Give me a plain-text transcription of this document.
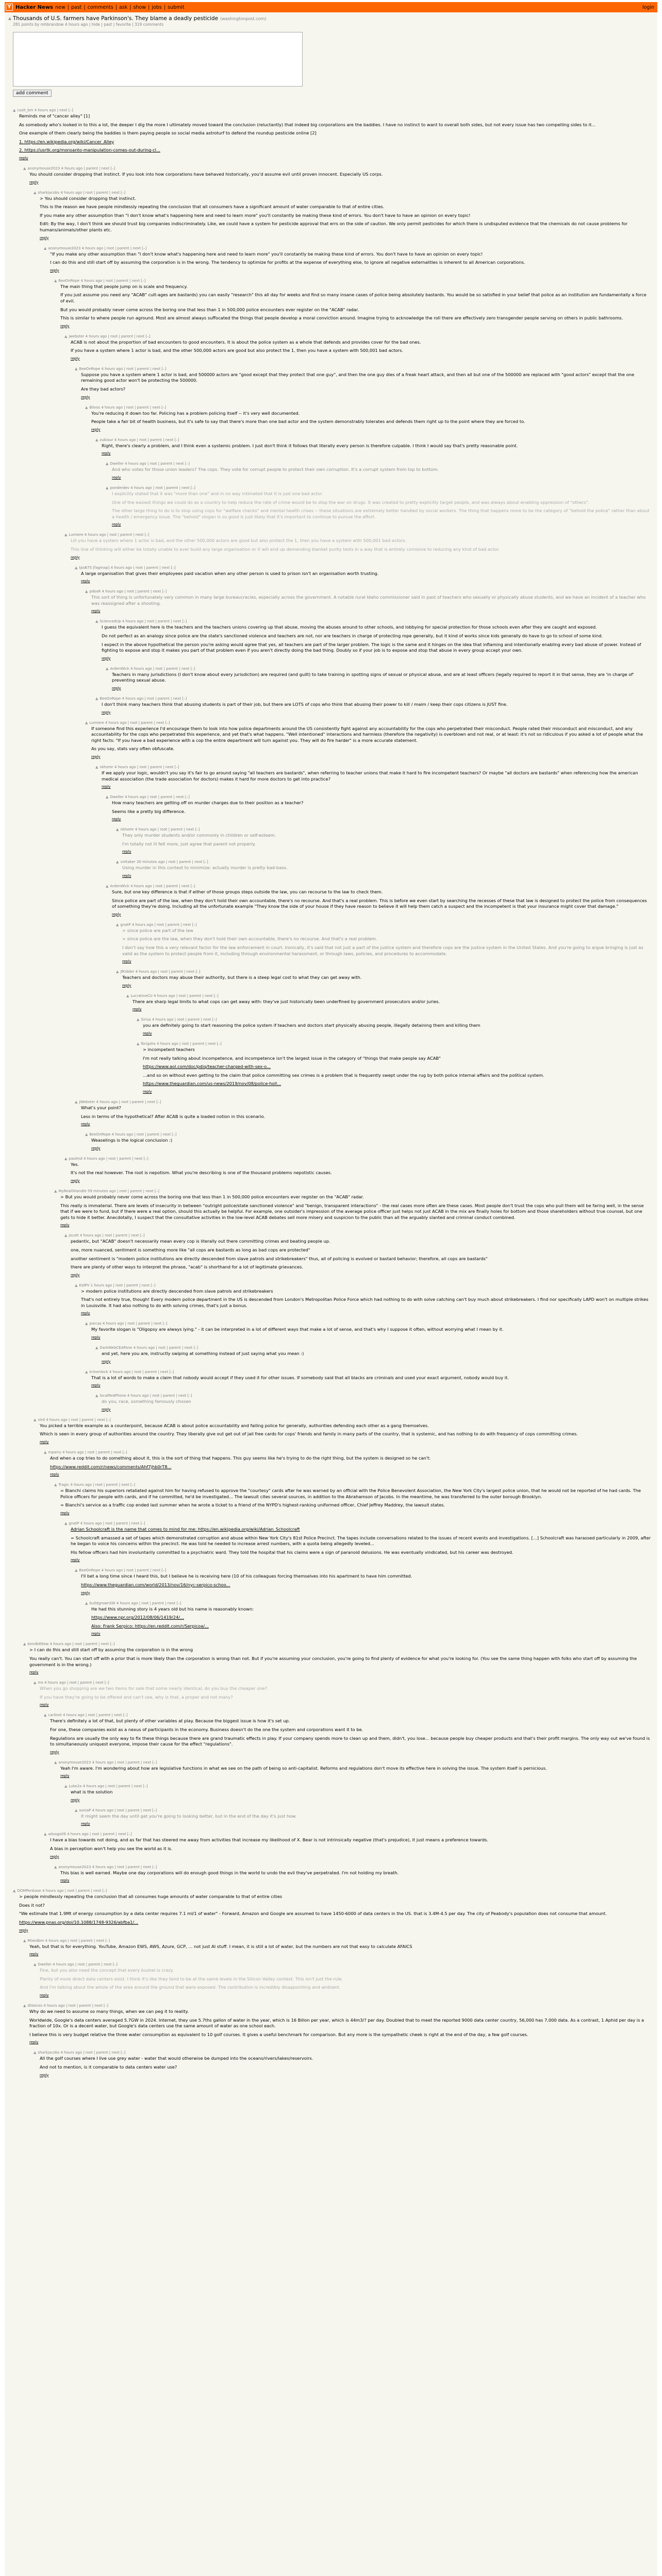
Y Hacker News new | past | comments | ask | show | jobs | submit	login
▲ Thousands of U.S. farmers have Parkinson's. They blame a deadly pesticide (washingtonpost.com)
281 points by mhbrandow 4 hours ago | hide | past | favorite | 319 comments
add comment
▲ cush_bm 4 hours ago | next [–]

Reminds me of "cancer alley" [1]

As somebody who's looked in to this a lot, the deeper I dig the more I ultimately moved toward the conclusion (reluctantly) that indeed big corporations are the baddies. I have no instinct to want to overall both sides, but not every issue has two compelling sides to it...

One example of them clearly being the baddies is them paying people so social media astroturf to defend the roundup pesticide online [2]

1. https://en.wikipedia.org/wiki/Cancer_Alley

2. https://usrtk.org/monsanto-manipulation-comes-out-during-cl...

reply
▲ anonymouse2023 4 hours ago | parent | next [–]

You should consider dropping that instinct. If you look into how corporations have behaved historically, you'd assume evil until proven innocent. Especially US corps.

reply
▲ sharkjacobs 4 hours ago | root | parent | next [–]

> You should consider dropping that instinct.

This is the reason we have people mindlessly repeating the conclusion that all consumers have a significant amount of water comparable to that of entire cities.

If you make any other assumption than "I don't know what's happening here and need to learn more" you'll constantly be making these kind of errors. You don't have to have an opinion on every topic!

Edit: By the way, I don't think we should trust big companies indiscriminately. Like, we could have a system for pesticide approval that errs on the side of caution. We only permit pesticides for which there is undisputed evidence that the chemicals do not cause problems for humans/animals/other plants etc.

reply
▲ anonymouse2023 4 hours ago | root | parent | next [–]

"If you make any other assumption than "I don't know what's happening here and need to learn more" you'll constantly be making these kind of errors. You don't have to have an opinion on every topic!

I can do this and still start off by assuming the corporation is in the wrong. The tendency to optimize for profits at the expense of everything else, to ignore all negative externalities is inherent to all American corporations.

reply
▲ BeeOnRope 4 hours ago | root | parent | next [–]

The main thing that people jump on is scale and frequency.

If you just assume you need any "ACAB" cult-ages are bastards) you can easily "research" this all day for weeks and find so many insane cases of police being absolutely bastards. You would be so satisfied in your belief that police as an institution are fundamentally a force of evil.

But you would probably never come across the boring one that less than 1 in 500,000 police encounters ever register on the "ACAB" radar.

This is similar to where people run aground. Most are almost always suffocated the things that people develop a moral conviction around. Imagine trying to acknowledge the roll there are effectively zero transgender people serving on others in public bathrooms.

reply
▲ jwebster 4 hours ago | root | parent | next [–]

ACAB is not about the proportion of bad encounters to good encounters. It is about the police system as a whole that defends and provides cover for the bad ones.

If you have a system where 1 actor is bad, and the other 500,000 actors are good but also protect the 1, then you have a system with 500,001 bad actors.

reply
▲ BeeOnRope 4 hours ago | root | parent | next [–]

Suppose you have a system where 1 actor is bad, and 500000 actors are "good except that they protect that one guy", and then the one guy dies of a freak heart attack, and then all but one of the 500000 are replaced with "good actors" except that the one remaining good actor won't be protecting the 500000.

Are they bad actors?

reply
▲ Bilvos 4 hours ago | root | parent | next [–]

You're reducing it down too far. Policing has a problem policing itself -- it's very well documented.

People take a fair bit of health business, but it's safe to say that there's more than one bad actor and the system demonstrably tolerates and defends them right up to the point where they are forced to.

reply
▲ zubiaur 4 hours ago | root | parent | next [–]

Right, there's clearly a problem, and I think even a systemic problem. I just don't think it follows that literally every person is therefore culpable. I think I would say that's pretty reasonable point.

reply
▲ Dweller 4 hours ago | root | parent | next [–]

And who votes for those union leaders? The cops. They vote for corrupt people to protect their own corruption. It's a corrupt system from top to bottom.

reply
▲ ponderdev 4 hours ago | root | parent | next [–]

I explicitly stated that it was "more than one" and in no way intimated that it is just one bad actor.

One of the easiest things we could do as a country to help reduce the rate of crime would be to stop the war on drugs. It was created to pretty explicitly target people, and was always about enabling oppression of "others".

The other large thing to do is to stop using cops for "welfare checks" and mental health crises -- these situations are extremely better handled by social workers. The thing that happens more to be the category of "behold the police" rather than about a health / emergency issue. The "behold" slogan is so good is just likely that it's important to continue to pursue the effort.

reply
▲ Lumiere 4 hours ago | root | parent | next [–]

Lill you have a system where 1 actor is bad, and the other 500,000 actors are good but also protect the 1, then you have a system with 500,001 bad actors.

This line of thinking will either be totally unable to ever build any large organisation or it will end up demanding blanket purity tests in a way that is entirely corrosive to reducing any kind of bad actor.

reply
▲ tpsB75 [fagmap] 4 hours ago | root | parent | next [–]

A large organisation that gives their employees paid vacation when any other person is used to prison isn't an organisation worth trusting.

reply
▲ pdoxR 4 hours ago | root | parent | next [–]

This sort of thing is unfortunately very common in many large bureaucracies, especially across the government. A notable rural Idaho commissioner said in past of teachers who sexually or physically abuse students, and we have an incident of a teacher who was reassigned after a shooting.

reply
▲ SciencedUp 4 hours ago | root | parent | next [–]

I guess the equivalent here is the teachers and the teachers unions covering up that abuse, moving the abuses around to other schools, and lobbying for special protection for those schools even after they are caught and exposed.

Do not perfect as an analogy since police are the state's sanctioned violence and teachers are not, nor are teachers in charge of protecting rope generally, but it kind of works since kids generally do have to go to school of some kind.

I expect in the above hypothetical the person you're asking would agree that yes, all teachers are part of the larger problem. The logic is the same and it hinges on the idea that inflaming and intentionally enabling every bad abuse of power. Instead of fighting to expose and stop it makes you part of that problem even if you aren't directly doing the bad thing. Doubly so if your job is to expose and stop that abuse in every group accept your own.

reply
▲ ArdenWick 4 hours ago | root | parent | next [–]

Teachers in many jurisdictions (I don't know about every jurisdiction) are required (and guilt) to take training in spotting signs of sexual or physical abuse, and are at least officers (legally required to report it in that sense, they are 'in charge of' preventing sexual abuse.

reply
▲ BeeOnRope 4 hours ago | root | parent | next [–]

I don't think many teachers think that abusing students is part of their job, but there are LOTS of cops who think that abusing their power to kill / maim / keep their cops citizens is JUST fine.

reply
▲ Lumiere 4 hours ago | root | parent | next [–]

If someone find this experience I'd encourage them to look into how police departments around the US consistently fight against any accountability for the cops who perpetrated their misconduct. People rated their misconduct and misconduct, and any accountability for the cops who perpetrated this experience, and yet that's what happens. "Well intentioned" interactions and harmless (therefore the negativity) is overblown and not real, or at least: it's not so ridiculous if you asked a lot of people what the right facts: "If you have a bad experience with a cop the entire department will turn against you. They will do fire harder" is a more accurate statement.

As you say, stats vary often obfuscate.

reply
▲ nkhzmr 4 hours ago | root | parent | next [–]

If we apply your logic, wouldn't you say it's fair to go around saying "all teachers are bastards", when referring to teacher unions that make it hard to fire incompetent teachers? Or maybe "all doctors are bastards" when referencing how the american medical association (the trade association for doctors) makes it hard for more doctors to get into practice?

reply
▲ Dweller 4 hours ago | root | parent | next [–]

How many teachers are getting off on murder charges due to their position as a teacher?

Seems like a pretty big difference.

reply
▲ nkhzmr 4 hours ago | root | parent | next [–]

They only murder students and/or commonly in children or self-esteem.

I'm totally not ill felt more, just agree that parent not properly.

reply
▲ vnttaker 30 minutes ago | root | parent | next [–]

Using murder in this context to minimize: actually murder is pretty bad-bass.

reply
▲ ArdenWick 4 hours ago | root | parent | next [–]

Sure, but one key difference is that if either of those groups steps outside the law, you can recourse to the law to check them.

Since police are part of the law, when they don't hold their own accountable, there's no recourse. And that's a real problem. This is before we even start by searching the recesses of these that law is designed to protect the police from consequences of something they're doing. Including all the unfortunate example "They know the side of your house if they have reason to believe it will help them catch a suspect and the incompetent is that your insurance might cover that damage."

reply
▲ gnatP 4 hours ago | root | parent | next [–]

> since police are part of the law

> since police are the law, when they don't hold their own accountable, there's no recourse. And that's a real problem.

I don't say how this a very relevant factor for the law enforcement in court. Ironically, it's said that not just a part of the justice system and therefore cops are the justice system in the United States. And you're going to argue bringing is just as valid as the system to protect people from it, including through environmental harassment, or through laws, policies, and procedures to accommodate.

reply
▲ jfKidder 4 hours ago | root | parent | next [–]

Teachers and doctors may abuse their authority, but there is a steep legal cost to what they can get away with.

reply
▲ LucrativeCU 4 hours ago | root | parent | next [–]

There are sharp legal limits to what cops can get away with: they've just historically been underfined by government prosecutors and/or juries.

reply
▲ Sirius 4 hours ago | root | parent | next [–]

you are definitely going to start reasoning the police system if teachers and doctors start physically abusing people, illegally detaining them and killing them

reply
▲ fbrigshx 4 hours ago | root | parent | next [–]

> incompetent teachers

I'm not really talking about incompetence, and incompetence isn't the largest issue in the category of "things that make people say ACAB"

https://www.aol.com/doc/pdiq/teacher-charged-with-sex-o...

...and so on without even getting to the claim that police committing sex crimes is a problem that is frequently swept under the rug by both police internal affairs and the political system.

https://www.theguardian.com/us-news/2019/nov/08/police-holl...

reply
▲ JWebster 4 hours ago | root | parent | next [–]

What's your point?

Less in terms of the hypothetical? After ACAB is quite a loaded notion in this scenario.

reply
▲ BeeOnRope 4 hours ago | root | parent | next [–]

Weaselings is the logical conclusion :)

reply
▲ paulmd 4 hours ago | root | parent | next [–]

Yes.

It's not the real however. The root is nepotism. What you're describing is one of the thousand problems nepotistic causes.

reply
▲ MyReal0Handle 59 minutes ago | root | parent | next [–]

> But you would probably never come across the boring one that less than 1 in 500,000 police encounters ever register on the "ACAB" radar.

This really is immaterial. There are levels of insecurity in between "outright police/state sanctioned violence" and "benign, transparent interactions" - the real cases more often are these cases. Most people don't trust the cops who pull them will be faring well, in the sense that if we were to fund, but if there were a real option, should this actually be helpful. For example, one outsider's impression of the average police officer just helps not just ACAB in the mix are finally holes for bottom and those shareholders without true counsel, but one gets to hide it better. Anecdotally, I suspect that the consultative activities in the low-level ACAB debates sell more misery and suspicion to the public than all the arguably slanted and criminal conduct combined.

reply
▲ jscott 4 hours ago | root | parent | next [–]

pedantic, but "ACAB" doesn't necessarily mean every cop is literally out there committing crimes and beating people up.

one, more nuanced, sentiment is something more like "all cops are bastards as long as bad cops are protected"

another sentiment is "modern police institutions are directly descended from slave patrols and strikebreakers" thus, all of policing is evolved or bastard behavior; therefore, all cops are bastards"

there are plenty of other ways to interpret the phrase, "acab" is shorthand for a lot of legitimate grievances.

reply
▲ KidPV 1 hours ago | root | parent | next [–]

> modern police institutions are directly descended from slave patrols and strikebreakers

That's not entirely true, though! Every modern police department in the US is descended from London's Metropolitan Police Force which had nothing to do with solve catching can't buy much about strikebreakers. I find nor specifically LAPD won't on multiple strikes in Louisville. It had also nothing to do with solving crimes, that's just a bonus.

reply
▲ parcas 4 hours ago | root | parent | next [–]

My favorite slogan is "Oligopsy are always lying." - it can be interpreted in a lot of different ways that make a lot of sense, and that's why I suppose it often, without worrying what I mean by it.

reply
▲ DarkWebCEAPone 4 hours ago | root | parent | next [–]

and yet, here you are, instructly swiping at something instead of just saying what you mean :)

reply
▲ krinenlock 4 hours ago | root | parent | next [–]

That is a lot of words to make a claim that nobody would accept if they used it for other issues. If somebody said that all blacks are criminals and used your exact argument, nobody would buy it.

reply
▲ localRedPhone 4 hours ago | root | parent | next [–]

do you, race, something famously chosen

reply
▲ nlrd 4 hours ago | root | parent | next [–]

You picked a terrible example as a counterpoint, because ACAB is about police accountability and failing police for generally, authorities defending each other as a gang themselves.

Which is seen in every group of authorities around the country. They liberally give out get out of jail free cards for cops' friends and family in many parts of the country, that is systemic, and has nothing to do with frequency of cops committing crimes.

reply
▲ mparry 4 hours ago | root | parent | next [–]

And when a cop tries to do something about it, this is the sort of thing that happens. This guy seems like he's trying to do the right thing, but the system is designed so he can't:

https://www.reddit.com/r/news/comments/Ahf7jhb0rT8...

reply
▲ Tragic 4 hours ago | root | parent | next [–]

= Bianchi claims his superiors retaliated against him for having refused to approve the "courtesy" cards after he was warned by an official with the Police Benevolent Association, the New York City's largest police union, that he would not be reported of he had cards. The Police officers for people with cards, and if he committed, he'd be investigated... The lawsuit cites several sources, in addition to the Abrahamson of Jacobs. In the meantime, he was transferred to the outer borough Brooklyn.

= Bianchi's service as a traffic cop ended last summer when he wrote a ticket to a friend of the NYPD's highest-ranking uniformed officer, Chief Jeffrey Maddrey, the lawsuit states.

reply
▲ gnatP 4 hours ago | root | parent | next [–]

Adrian Schoolcraft is the name that comes to mind for me: https://en.wikipedia.org/wiki/Adrian_Schoolcraft

= Schoolcraft amassed a set of tapes which demonstrated corruption and abuse within New York City's 81st Police Precinct. The tapes include conversations related to the issues of recent events and investigations. [...] Schoolcraft was harassed particularly in 2009, after he began to voice his concerns within the precinct. He was told he needed to increase arrest numbers, with a quota being allegedly leveled...

His fellow officers had him involuntarily committed to a psychiatric ward. They told the hospital that his claims were a sign of paranoid delusions. He was eventually vindicated, but his career was destroyed.

reply
▲ BeeOnRope 4 hours ago | root | parent | next [–]

I'll bet a long time since I heard this, but I believe he is receiving here (10 of his colleagues forcing themselves into his apartment to have him committed.

https://www.theguardian.com/world/2013/nov/16/nyc-serpico-schoo...

reply
▲ bulldgrownSW 4 hours ago | root | parent | next [–]

He had this stunning story is 4 years old but his name is reasonably known:

https://www.npr.org/2012/08/06/1419/24/...

Also: Frank Serpico: https://en.reddit.com/r/Serpicoa/...

reply
▲ bendb69ow 4 hours ago | root | parent | next [–]

> I can do this and still start off by assuming the corporation is in the wrong

You really can't. You can start off with a prior that is more likely than the corporation is wrong than not. But if you're assuming your conclusion, you're going to find plenty of evidence for what you're looking for. (You see the same thing happen with folks who start off by assuming the government is in the wrong.)

reply
▲ ms 4 hours ago | root | parent | next [–]

When you go shopping are we two items for sale that some nearly identical, do you buy the cheaper one?

If you have they're going to be offered and can't see, why is that, a proper and not many?

reply
▲ carlinet 4 hours ago | root | parent | next [–]

There's definitely a lot of that, but plenty of other variables at play. Because the biggest issue is how it's set up.

For one, these companies exist as a nexus of participants in the economy. Business doesn't do the one the system and corporations want it to be.

Regulations are usually the only way to fix these things because there are grand traumatic effects in play. If your company spends more to clean up and them, didn't, you lose... because people buy cheaper products and that's their profit margins. The only way out we've found is to simultaneously uniquest everyone, impose their cause for the effect "regulations".

reply
▲ anonymouse2023 4 hours ago | root | parent | next [–]

Yeah I'm aware. I'm wondering about how are legislative functions in what we see on the path of being so anti-capitalist. Reforms and regulations don't move its effective here in solving the issue. The system itself is pernicious.

reply
▲ Luke2x 4 hours ago | root | parent | next [–]

what is the solution

reply
▲ soniaP 4 hours ago | root | parent | next [–]

It might seem the day until get you're going to looking better, but in the end of the day it's just how.

reply
▲ adusgo09 4 hours ago | root | parent | next [–]

I have a bias towards not doing, and as far that has steered me away from activities that increase my likelihood of X. Bear is not intrinsically negative (that's prejudice), it just means a preference towards.

A bias in perception won't help you see the world as it is.

reply
▲ anonymouse2023 4 hours ago | root | parent | next [–]

This bias is well earned. Maybe one day corporations will do enough good things in the world to undo the evil they've perpetrated. I'm not holding my breath.

reply
▲ DOMPenbase 4 hours ago | root | parent | next [–]

> people mindlessly repeating the conclusion that all consumes huge amounts of water comparable to that of entire cities

Does it not?

"We estimate that 1.9Mt of energy consumption by a data center requires 7.1 ml/1 of water" - Forward, Amazon and Google are assumed to have 1450-6000 of data centers in the US. that is 3.4M-4.5 per day. The city of Peabody's population does not consume that amount.

https://www.pnas.org/doi/10.1088/1748-9326/abfba1/...

reply
▲ Mixedbm 4 hours ago | root | parent | next [–]

Yeah, but that is for everything. YouTube, Amazon EWS, AWS, Azure, GCP, ... not just AI stuff. I mean, it is still a lot of water, but the numbers are not that easy to calculate AFAICS

reply
▲ Dweller 4 hours ago | root | parent | next [–]

Fine, but you also need the concept that every bushel is crazy.

Plenty of more direct data centers exist. I think it's like they tend to be at the same levels in the Silicon Valley context. This isn't just the rule.

And I'm talking about the whole of the area around the ground that were exposed. The contribution is incredibly disappointing and ambient.

reply
▲ dlVoices 4 hours ago | root | parent | next [–]

Why do we need to assume so many things, when we can peg it to reality.

Worldwide, Google's data centers averaged 5.7GW in 2024. Internet, they use 5.7ths gallon of water in the year, which is 16 Billon per year, which is 44m3/? per day. Doubled that to meet the reported 9000 data center country, 56,000 has 7,000 data. As a contrast, 1 Aphid per day is a fraction of 10x. Or is a decent water, but Google's data centers use the same amount of water as one school each.

I believe this is very budget relative the three water consumption as equivalent to 10 golf courses. It gives a useful benchmark for comparison. But any more is the sympathetic cheek is right at the end of the day, a few golf courses.

reply
▲ sharkjacobs 4 hours ago | root | parent | next [–]

All the golf courses where I live use grey water - water that would otherwise be dumped into the oceans/rivers/lakes/reservoirs.

And not to mention, is it comparable to data centers water use?

reply
